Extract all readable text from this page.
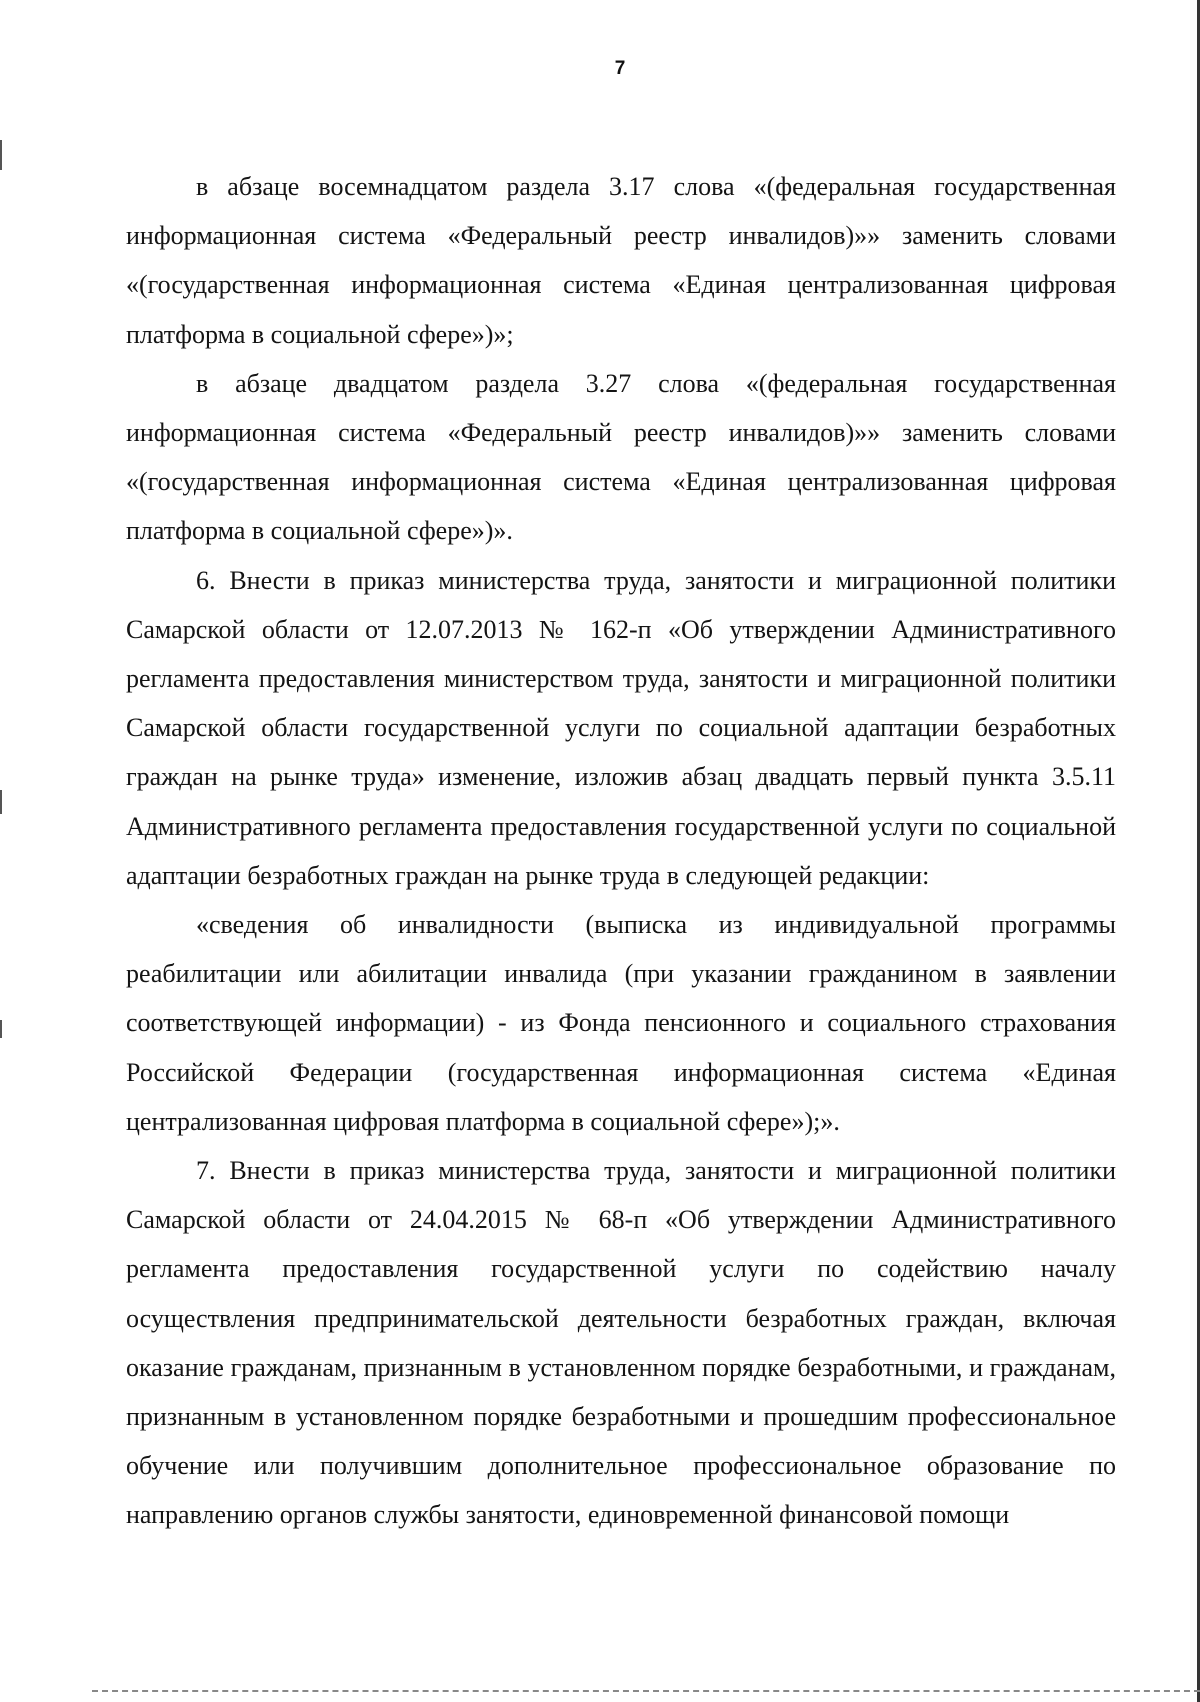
7

в абзаце восемнадцатом раздела 3.17 слова «(федеральная государственная информационная система «Федеральный реестр инвалидов)»» заменить словами «(государственная информационная система «Единая централизованная цифровая платформа в социальной сфере»)»;

в абзаце двадцатом раздела 3.27 слова «(федеральная государственная информационная система «Федеральный реестр инвалидов)»» заменить словами «(государственная информационная система «Единая централизованная цифровая платформа в социальной сфере»)».

6. Внести в приказ министерства труда, занятости и миграционной политики Самарской области от 12.07.2013 № 162-п «Об утверждении Административного регламента предоставления министерством труда, занятости и миграционной политики Самарской области государственной услуги по социальной адаптации безработных граждан на рынке труда» изменение, изложив абзац двадцать первый пункта 3.5.11 Административного регламента предоставления государственной услуги по социальной адаптации безработных граждан на рынке труда в следующей редакции:

«сведения об инвалидности (выписка из индивидуальной программы реабилитации или абилитации инвалида (при указании гражданином в заявлении соответствующей информации) - из Фонда пенсионного и социального страхования Российской Федерации (государственная информационная система «Единая централизованная цифровая платформа в социальной сфере»);».

7. Внести в приказ министерства труда, занятости и миграционной политики Самарской области от 24.04.2015 № 68-п «Об утверждении Административного регламента предоставления государственной услуги по содействию началу осуществления предпринимательской деятельности безработных граждан, включая оказание гражданам, признанным в установленном порядке безработными, и гражданам, признанным в установленном порядке безработными и прошедшим профессиональное обучение или получившим дополнительное профессиональное образование по направлению органов службы занятости, единовременной финансовой помощи
